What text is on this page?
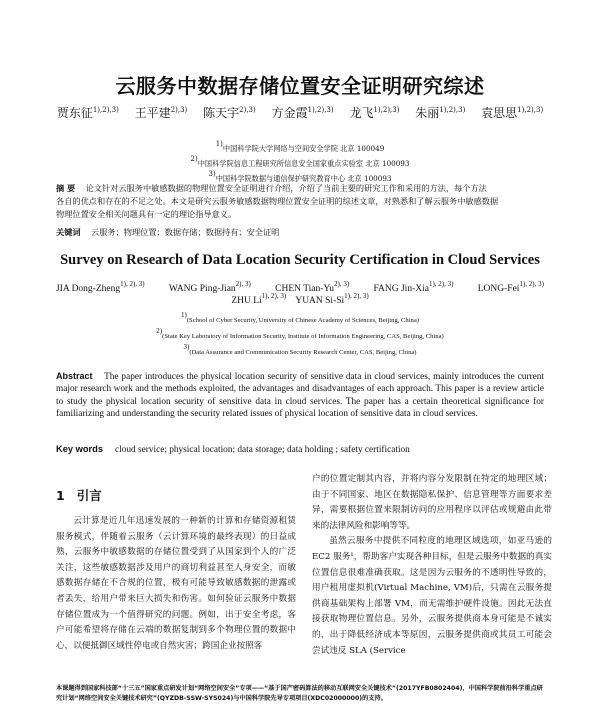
云服务中数据存储位置安全证明研究综述
贾东征$^{1),2),3)}$ 王平建$^{2),3)}$ 陈天宇$^{2),3)}$ 方金霞$^{1),2),3)}$ 龙飞$^{1),2),3)}$ 朱丽$^{1),2),3)}$ 袁思思$^{1),2),3)}$
$^{1)}$中国科学院大学网络与空间安全学院 北京 100049
$^{2)}$中国科学院信息工程研究所信息安全国家重点实验室 北京 100093
$^{3)}$中国科学院数据与通信保护研究教育中心 北京 100093
摘 要 论文针对云服务中敏感数据的物理位置安全证明进行介绍，介绍了当前主要的研究工作和采用的方法，每个方法
各自的优点和存在的不足之处。本文是研究云服务敏感数据物理位置安全证明的综述文章，对熟悉和了解云服务中敏感数据
物理位置安全相关问题具有一定的理论指导意义。
关键词 云服务；物理位置；数据存储；数据持有；安全证明
Survey on Research of Data Location Security Certification in Cloud Services
JIA Dong-Zheng$^{1), 2), 3)}$	WANG Ping-Jian$^{2), 3)}$	CHEN Tian-$Yu^{2), 3)}$	FANG Jin-Xia$^{1), 2), 3)}$	LONG-Fei$^{1), 2), 3)}$
ZHU $Li^{1), 2), 3)}$ YUAN $Si-Si^{1), 2), 3)}$
$^{1)}$(School of Cyber Security, University of Chinese Academy of Sciences, Beijing, China)
$^{2)}$(State Key Laboratory of Information Security, Institute of Information Engineering, CAS, Beijing, China)
$^{3)}$(Data Assurance and Communication Security Research Center, CAS, Beijing, China)
Abstract The paper introduces the physical location security of sensitive data in cloud services, mainly introduces the current major research work and the methods exploited, the advantages and disadvantages of each approach. This paper is a review article to study the physical location security of sensitive data in cloud services. The paper has a certain theoretical significance for familiarizing and understanding the security related issues of physical location of sensitive data in cloud services.
Key words cloud service; physical location; data storage; data holding ; safety certification
1 引言

云计算是近几年迅速发展的一种新的计算和存储资源租赁服务模式，伴随着云服务（云计算环境的最终表现）的日益成熟，云服务中敏感数据的存储位置受到了从国家到个人的广泛关注，这些敏感数据涉及用户的商切利益甚至人身安全，而敏感数据存储在不合规的位置，极有可能导致敏感数据的泄露或者丢失，给用户带来巨大损失和伤害。如何验证云服务中数据存储位置成为一个值得研究的问题。例如，出于安全考虑，客户可能希望将存储在云端的数据复制到多个物理位置的数据中心，以便抵御区域性停电或自然灾害；跨国企业按照客

户的位置定制其内容，并将内容分发限制在特定的地理区域；由于不同国家、地区在数据隐私保护、信息管理等方面要求差异，需要根据位置来限制访问的应用程序以评估或规避由此带来的法律风险和影响等等。

虽然云服务中提供不同粒度的地理区域选项，如亚马逊的 EC2 服务¹，帮助客户实现各种目标，但是云服务中数据的真实位置信息很难准确获取。这是因为云服务的不透明性导致的，用户租用虚拟机(Virtual Machine, VM)后，只需在云服务提供商基础架构上部署 VM，而无需维护硬件设施。因此无法直接获取物理位置信息。另外，云服务提供商本身可能是不诚实的，出于降低经济成本等原因，云服务提供商或其员工可能会尝试违反 SLA (Service

本课题得到国家科技部“十三五”国家重点研发计划“网络空间安全”专项——“基于国产密码算法的移动互联网安全关键技术”(2017YFB0802404)，中国科学院前沿科学重点研究计划“网络空间安全关键技术研究”(QYZDB-SSW-SYS024)与中国科学院先导专项项目(XDC02000000)的支持。
